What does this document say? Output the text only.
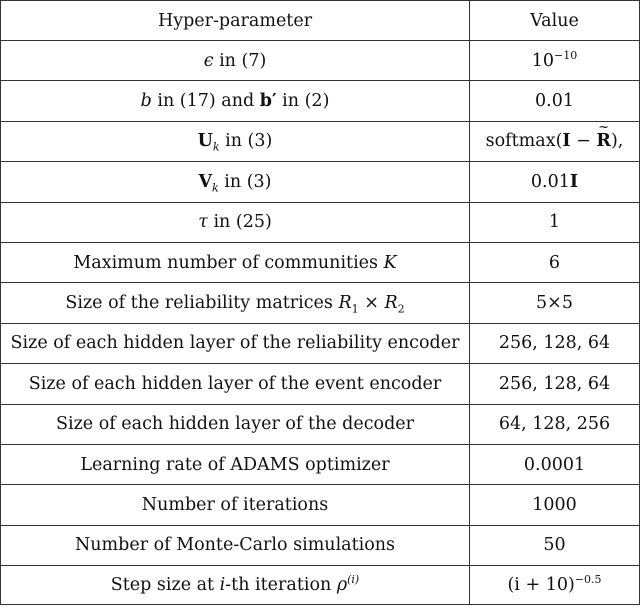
Hyper-parameter	Value
ϵ in (7)	$10^{-10}$
b in (17) and b′ in (2)	0.01
$U_k$ in (3)	softmax(I − ~ R),
$V_k$ in (3)	0.01I
τ in (25)	1
Maximum number of communities K	6
Size of the reliability matrices $R_1 \times R_2$	5×5
Size of each hidden layer of the reliability encoder	256, 128, 64
Size of each hidden layer of the event encoder	256, 128, 64
Size of each hidden layer of the decoder	64, 128, 256
Learning rate of ADAMS optimizer	0.0001
Number of iterations	1000
Number of Monte-Carlo simulations	50
Step size at i-th iteration $\rho^{(i)}$	$(i + 10)^{-0.5}$
